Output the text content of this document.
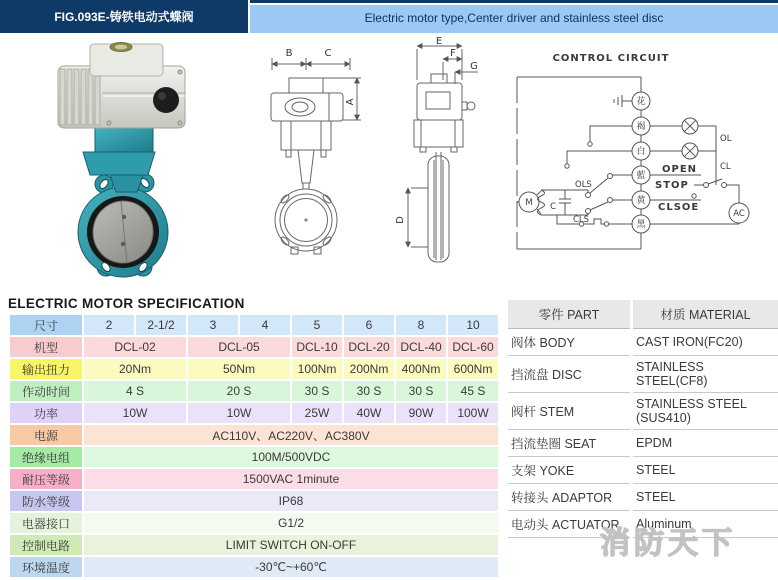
FIG.093E-铸铁电动式蝶阀	Electric motor type,Center driver and stainless steel disc
B	C
A
E
F
G
D
CONTROL CIRCUIT
花
褐
白
藍
黄
黑
OL
CL
OPEN
STOP
CLSOE
OLS
CLS
M C
AC
ELECTRIC MOTOR SPECIFICATION
尺寸	2	2-1/2	3	4	5	6	8	10
机型	DCL-02		DCL-05		DCL-10	DCL-20	DCL-40	DCL-60
输出扭力	20Nm		50Nm		100Nm	200Nm	400Nm	600Nm
作动时间	4 S		20 S		30 S	30 S	30 S	45 S
功率	10W		10W		25W	40W	90W	100W
电源	AC110V、AC220V、AC380V							
绝缘电组	100M/500VDC							
耐压等级	1500VAC 1minute							
防水等级	IP68							
电器接口	G1/2							
控制电路	LIMIT SWITCH ON-OFF							
环境温度	-30℃~+60℃							
零件 PART	材质 MATERIAL
阀体 BODY	CAST IRON(FC20)
挡流盘 DISC	STAINLESS STEEL(CF8)
阀杆 STEM	STAINLESS STEEL (SUS410)
挡流垫圈 SEAT	EPDM
支架 YOKE	STEEL
转接头 ADAPTOR	STEEL
电动头 ACTUATOR	Aluminum
消防天下
